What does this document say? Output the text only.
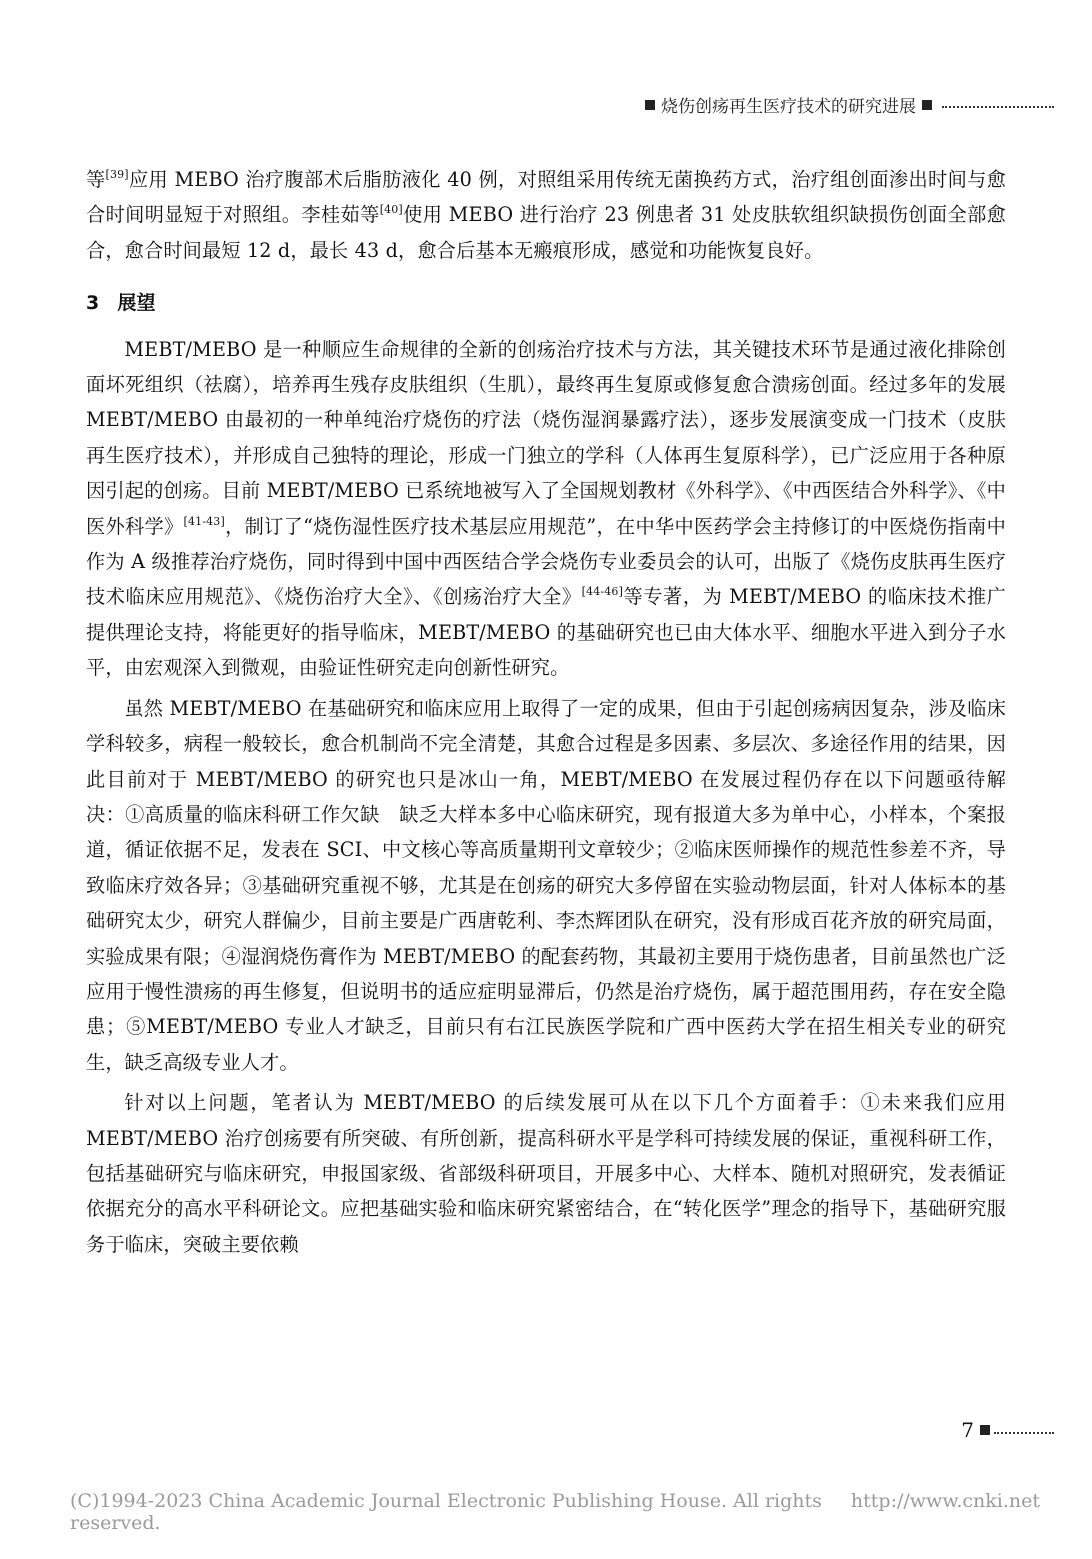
烧伤创疡再生医疗技术的研究进展

等[39]应用 MEBO 治疗腹部术后脂肪液化 40 例，对照组采用传统无菌换药方式，治疗组创面渗出时间与愈合时间明显短于对照组。李桂茹等[40]使用 MEBO 进行治疗 23 例患者 31 处皮肤软组织缺损伤创面全部愈合，愈合时间最短 12 d，最长 43 d，愈合后基本无瘢痕形成，感觉和功能恢复良好。

3 展望

MEBT/MEBO 是一种顺应生命规律的全新的创疡治疗技术与方法，其关键技术环节是通过液化排除创面坏死组织（祛腐），培养再生残存皮肤组织（生肌），最终再生复原或修复愈合溃疡创面。经过多年的发展 MEBT/MEBO 由最初的一种单纯治疗烧伤的疗法（烧伤湿润暴露疗法），逐步发展演变成一门技术（皮肤再生医疗技术），并形成自己独特的理论，形成一门独立的学科（人体再生复原科学），已广泛应用于各种原因引起的创疡。目前 MEBT/MEBO 已系统地被写入了全国规划教材《外科学》、《中西医结合外科学》、《中医外科学》[41-43]，制订了“烧伤湿性医疗技术基层应用规范”，在中华中医药学会主持修订的中医烧伤指南中作为 A 级推荐治疗烧伤，同时得到中国中西医结合学会烧伤专业委员会的认可，出版了《烧伤皮肤再生医疗技术临床应用规范》、《烧伤治疗大全》、《创疡治疗大全》[44-46]等专著，为 MEBT/MEBO 的临床技术推广提供理论支持，将能更好的指导临床，MEBT/MEBO 的基础研究也已由大体水平、细胞水平进入到分子水平，由宏观深入到微观，由验证性研究走向创新性研究。

虽然 MEBT/MEBO 在基础研究和临床应用上取得了一定的成果，但由于引起创疡病因复杂，涉及临床学科较多，病程一般较长，愈合机制尚不完全清楚，其愈合过程是多因素、多层次、多途径作用的结果，因此目前对于 MEBT/MEBO 的研究也只是冰山一角，MEBT/MEBO 在发展过程仍存在以下问题亟待解决：①高质量的临床科研工作欠缺　缺乏大样本多中心临床研究，现有报道大多为单中心，小样本，个案报道，循证依据不足，发表在 SCI、中文核心等高质量期刊文章较少；②临床医师操作的规范性参差不齐，导致临床疗效各异；③基础研究重视不够，尤其是在创疡的研究大多停留在实验动物层面，针对人体标本的基础研究太少，研究人群偏少，目前主要是广西唐乾利、李杰辉团队在研究，没有形成百花齐放的研究局面，实验成果有限；④湿润烧伤膏作为 MEBT/MEBO 的配套药物，其最初主要用于烧伤患者，目前虽然也广泛应用于慢性溃疡的再生修复，但说明书的适应症明显滞后，仍然是治疗烧伤，属于超范围用药，存在安全隐患；⑤MEBT/MEBO 专业人才缺乏，目前只有右江民族医学院和广西中医药大学在招生相关专业的研究生，缺乏高级专业人才。

针对以上问题，笔者认为 MEBT/MEBO 的后续发展可从在以下几个方面着手：①未来我们应用 MEBT/MEBO 治疗创疡要有所突破、有所创新，提高科研水平是学科可持续发展的保证，重视科研工作，包括基础研究与临床研究，申报国家级、省部级科研项目，开展多中心、大样本、随机对照研究，发表循证依据充分的高水平科研论文。应把基础实验和临床研究紧密结合，在“转化医学”理念的指导下，基础研究服务于临床，突破主要依赖

7
(C)1994-2023 China Academic Journal Electronic Publishing House. All rights reserved.
http://www.cnki.net
